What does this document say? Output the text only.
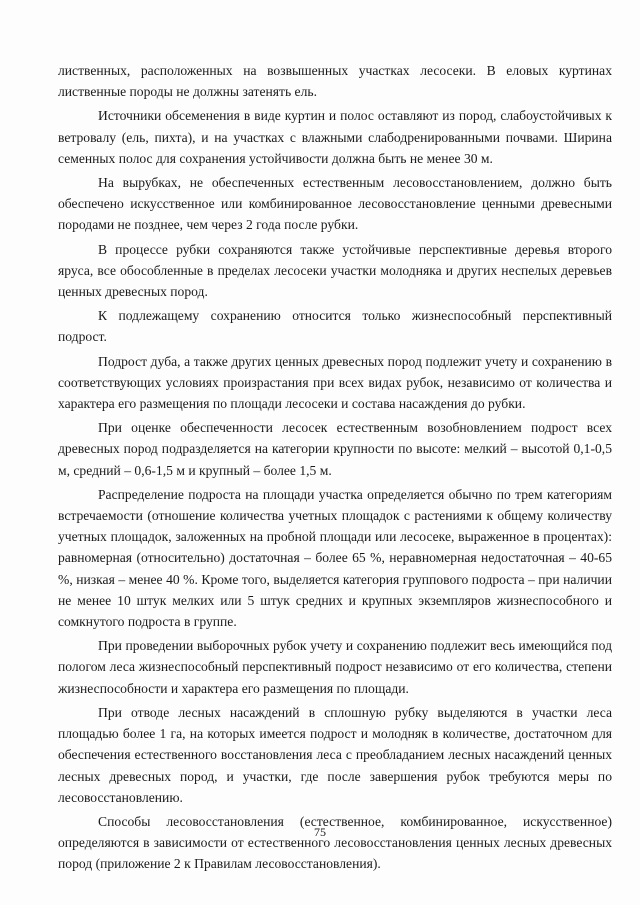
лиственных, расположенных на возвышенных участках лесосеки. В еловых куртинах лиственные породы не должны затенять ель.

Источники обсеменения в виде куртин и полос оставляют из пород, слабоустойчивых к ветровалу (ель, пихта), и на участках с влажными слабодренированными почвами. Ширина семенных полос для сохранения устойчивости должна быть не менее 30 м.

На вырубках, не обеспеченных естественным лесовосстановлением, должно быть обеспечено искусственное или комбинированное лесовосстановление ценными древесными породами не позднее, чем через 2 года после рубки.

В процессе рубки сохраняются также устойчивые перспективные деревья второго яруса, все обособленные в пределах лесосеки участки молодняка и других неспелых деревьев ценных древесных пород.

К подлежащему сохранению относится только жизнеспособный перспективный подрост.

Подрост дуба, а также других ценных древесных пород подлежит учету и сохранению в соответствующих условиях произрастания при всех видах рубок, независимо от количества и характера его размещения по площади лесосеки и состава насаждения до рубки.

При оценке обеспеченности лесосек естественным возобновлением подрост всех древесных пород подразделяется на категории крупности по высоте: мелкий – высотой 0,1-0,5 м, средний – 0,6-1,5 м и крупный – более 1,5 м.

Распределение подроста на площади участка определяется обычно по трем категориям встречаемости (отношение количества учетных площадок с растениями к общему количеству учетных площадок, заложенных на пробной площади или лесосеке, выраженное в процентах): равномерная (относительно) достаточная – более 65 %, неравномерная недостаточная – 40-65 %, низкая – менее 40 %. Кроме того, выделяется категория группового подроста – при наличии не менее 10 штук мелких или 5 штук средних и крупных экземпляров жизнеспособного и сомкнутого подроста в группе.

При проведении выборочных рубок учету и сохранению подлежит весь имеющийся под пологом леса жизнеспособный перспективный подрост независимо от его количества, степени жизнеспособности и характера его размещения по площади.

При отводе лесных насаждений в сплошную рубку выделяются в участки леса площадью более 1 га, на которых имеется подрост и молодняк в количестве, достаточном для обеспечения естественного восстановления леса с преобладанием лесных насаждений ценных лесных древесных пород, и участки, где после завершения рубок требуются меры по лесовосстановлению.

Способы лесовосстановления (естественное, комбинированное, искусственное) определяются в зависимости от естественного лесовосстановления ценных лесных древесных пород (приложение 2 к Правилам лесовосстановления).

75
